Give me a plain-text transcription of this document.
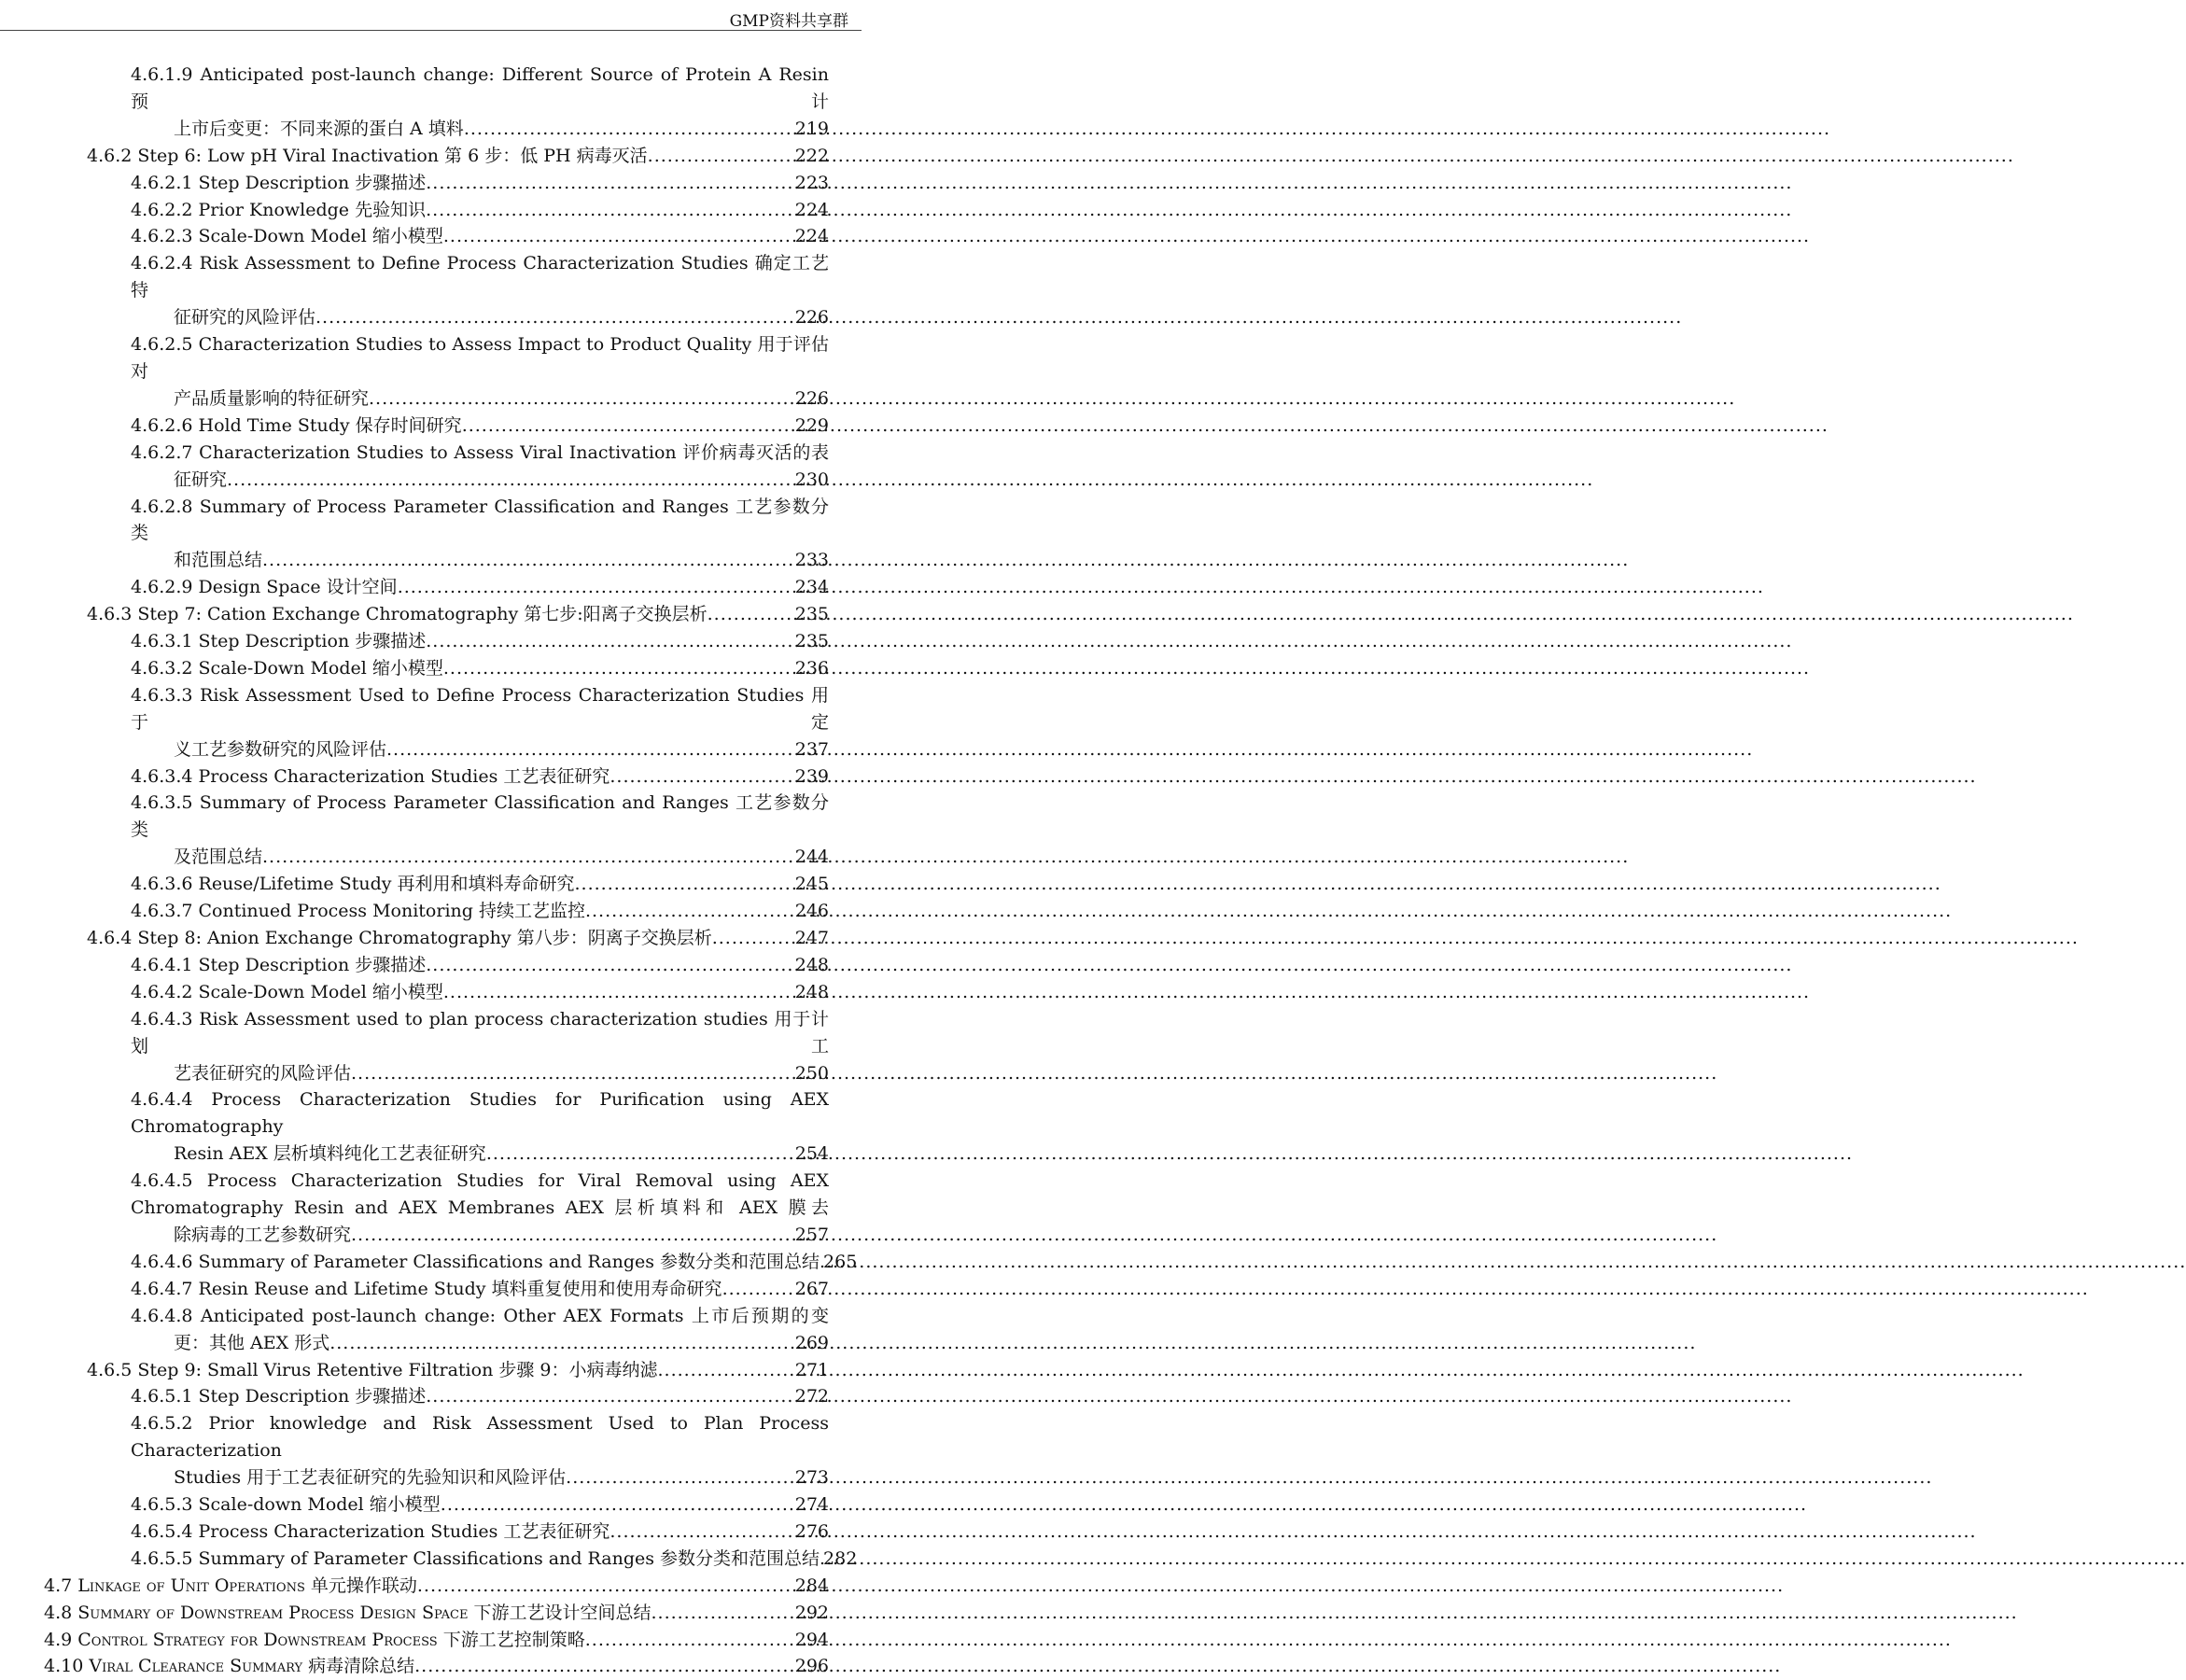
GMP资料共享群
4.6.1.9 Anticipated post-launch change: Different Source of Protein A Resin 预计
上市后变更：不同来源的蛋白 A 填料 .....	219
4.6.2 Step 6: Low pH Viral Inactivation 第 6 步：低 PH 病毒灭活 .....	222
4.6.2.1 Step Description 步骤描述 .....	223
4.6.2.2 Prior Knowledge 先验知识 .....	224
4.6.2.3 Scale-Down Model 缩小模型 .....	224
4.6.2.4 Risk Assessment to Define Process Characterization Studies 确定工艺特
征研究的风险评估 .....	226
4.6.2.5 Characterization Studies to Assess Impact to Product Quality 用于评估对
产品质量影响的特征研究 .....	226
4.6.2.6 Hold Time Study 保存时间研究 .....	229
4.6.2.7 Characterization Studies to Assess Viral Inactivation 评价病毒灭活的表
征研究 .....	230
4.6.2.8 Summary of Process Parameter Classification and Ranges 工艺参数分类
和范围总结 .....	233
4.6.2.9 Design Space 设计空间 .....	234
4.6.3 Step 7: Cation Exchange Chromatography 第七步:阳离子交换层析 .....	235
4.6.3.1 Step Description 步骤描述 .....	235
4.6.3.2 Scale-Down Model 缩小模型 .....	236
4.6.3.3 Risk Assessment Used to Define Process Characterization Studies 用于定
义工艺参数研究的风险评估 .....	237
4.6.3.4 Process Characterization Studies 工艺表征研究 .....	239
4.6.3.5 Summary of Process Parameter Classification and Ranges 工艺参数分类
及范围总结 .....	244
4.6.3.6 Reuse/Lifetime Study 再利用和填料寿命研究 .....	245
4.6.3.7 Continued Process Monitoring 持续工艺监控 .....	246
4.6.4 Step 8: Anion Exchange Chromatography 第八步：阴离子交换层析 .....	247
4.6.4.1 Step Description 步骤描述 .....	248
4.6.4.2 Scale-Down Model 缩小模型 .....	248
4.6.4.3 Risk Assessment used to plan process characterization studies 用于计划工
艺表征研究的风险评估 .....	250
4.6.4.4 Process Characterization Studies for Purification using AEX Chromatography
Resin AEX 层析填料纯化工艺表征研究 .....	254
4.6.4.5 Process Characterization Studies for Viral Removal using AEX
Chromatography Resin and AEX Membranes AEX 层析填料和 AEX 膜去
除病毒的工艺参数研究 .....	257
4.6.4.6 Summary of Parameter Classifications and Ranges 参数分类和范围总结 ..... 265
4.6.4.7 Resin Reuse and Lifetime Study 填料重复使用和使用寿命研究 .....	267
4.6.4.8 Anticipated post-launch change: Other AEX Formats 上市后预期的变
更：其他 AEX 形式 .....	269
4.6.5 Step 9: Small Virus Retentive Filtration 步骤 9：小病毒纳滤 .....	271
4.6.5.1 Step Description 步骤描述 .....	272
4.6.5.2 Prior knowledge and Risk Assessment Used to Plan Process Characterization
Studies 用于工艺表征研究的先验知识和风险评估 .....	273
4.6.5.3 Scale-down Model 缩小模型 .....	274
4.6.5.4 Process Characterization Studies 工艺表征研究 .....	276
4.6.5.5 Summary of Parameter Classifications and Ranges 参数分类和范围总结 ..... 282
4.7 Linkage of Unit Operations 单元操作联动 .....	284
4.8 Summary of Downstream Process Design Space 下游工艺设计空间总结 .....	292
4.9 Control Strategy for Downstream Process 下游工艺控制策略 .....	294
4.10 Viral Clearance Summary 病毒清除总结 .....	296
